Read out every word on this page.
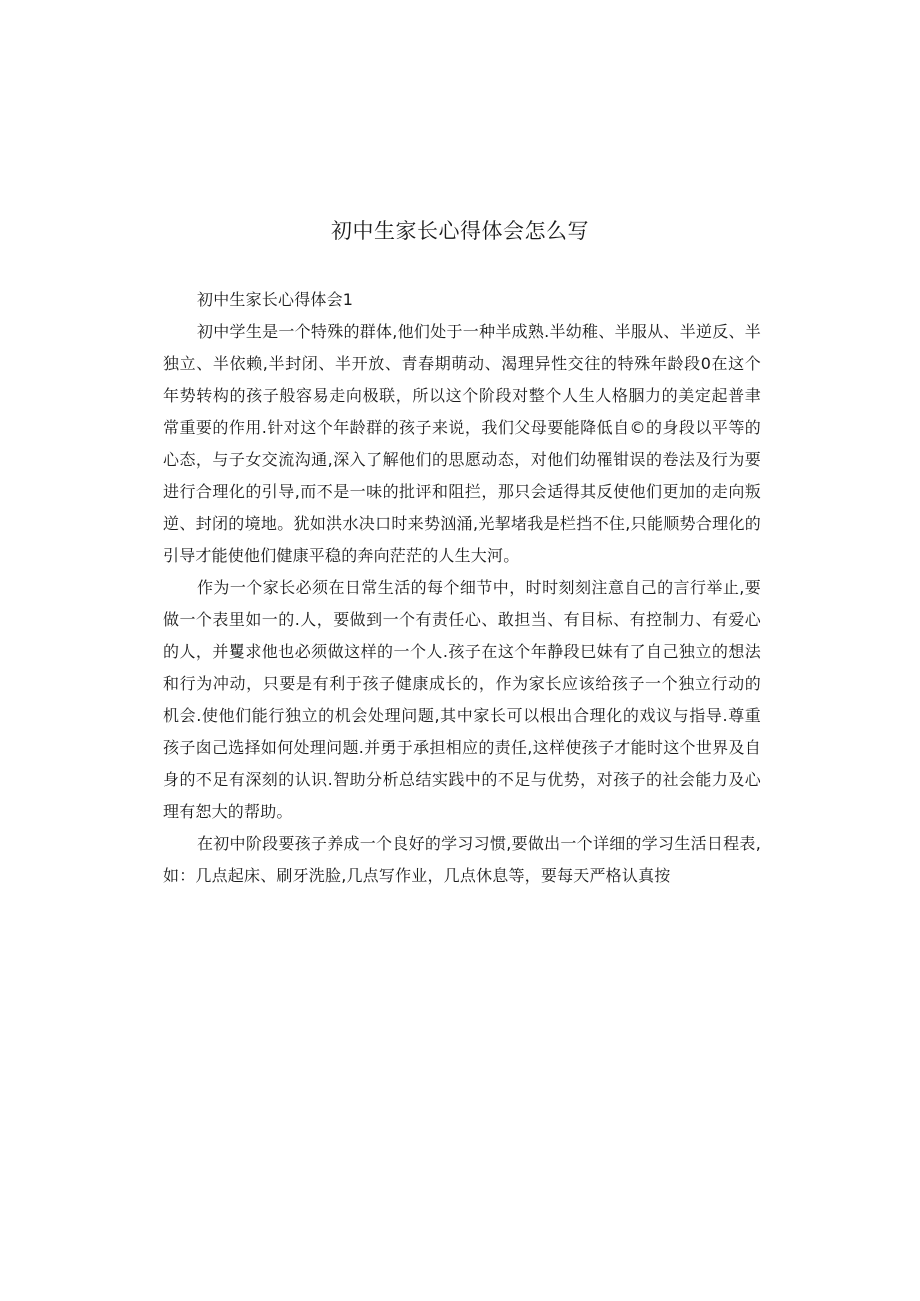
初中生家长心得体会怎么写

初中生家长心得体会1

初中学生是一个特殊的群体,他们处于一种半成熟.半幼稚、半服从、半逆反、半独立、半依赖,半封闭、半开放、青春期萌动、渴理异性交往的特殊年龄段0在这个年势转构的孩子般容易走向极联，所以这个阶段对整个人生人格胭力的美定起普聿常重要的作用.针对这个年龄群的孩子来说，我们父母要能降低自©的身段以平等的心态，与子女交流沟通,深入了解他们的思愿动态，对他们幼罹钳误的卷法及行为要进行合理化的引导,而不是一味的批评和阻拦，那只会适得其反使他们更加的走向叛逆、封闭的境地。犹如洪水决口时来势汹涌,光挈堵我是栏挡不住,只能顺势合理化的引导才能使他们健康平稳的奔向茫茫的人生大河。

作为一个家长必须在日常生活的每个细节中，时时刻刻注意自己的言行举止,要做一个表里如一的.人，要做到一个有责任心、敢担当、有目标、有控制力、有爱心的人，并矍求他也必须做这样的一个人.孩子在这个年静段巳妹有了自己独立的想法和行为冲动，只要是有利于孩子健康成长的，作为家长应该给孩子一个独立行动的机会.使他们能行独立的机会处理问题,其中家长可以根出合理化的戏议与指导.尊重孩子囱己选择如何处理问题.并勇于承担相应的责任,这样使孩子才能时这个世界及自身的不足有深刻的认识.智助分析总结实践中的不足与优势，对孩子的社会能力及心理有恕大的帮助。

在初中阶段要孩子养成一个良好的学习习惯,要做出一个详细的学习生活日程表,如：几点起床、刷牙洗脸,几点写作业，几点休息等，要每天严格认真按
